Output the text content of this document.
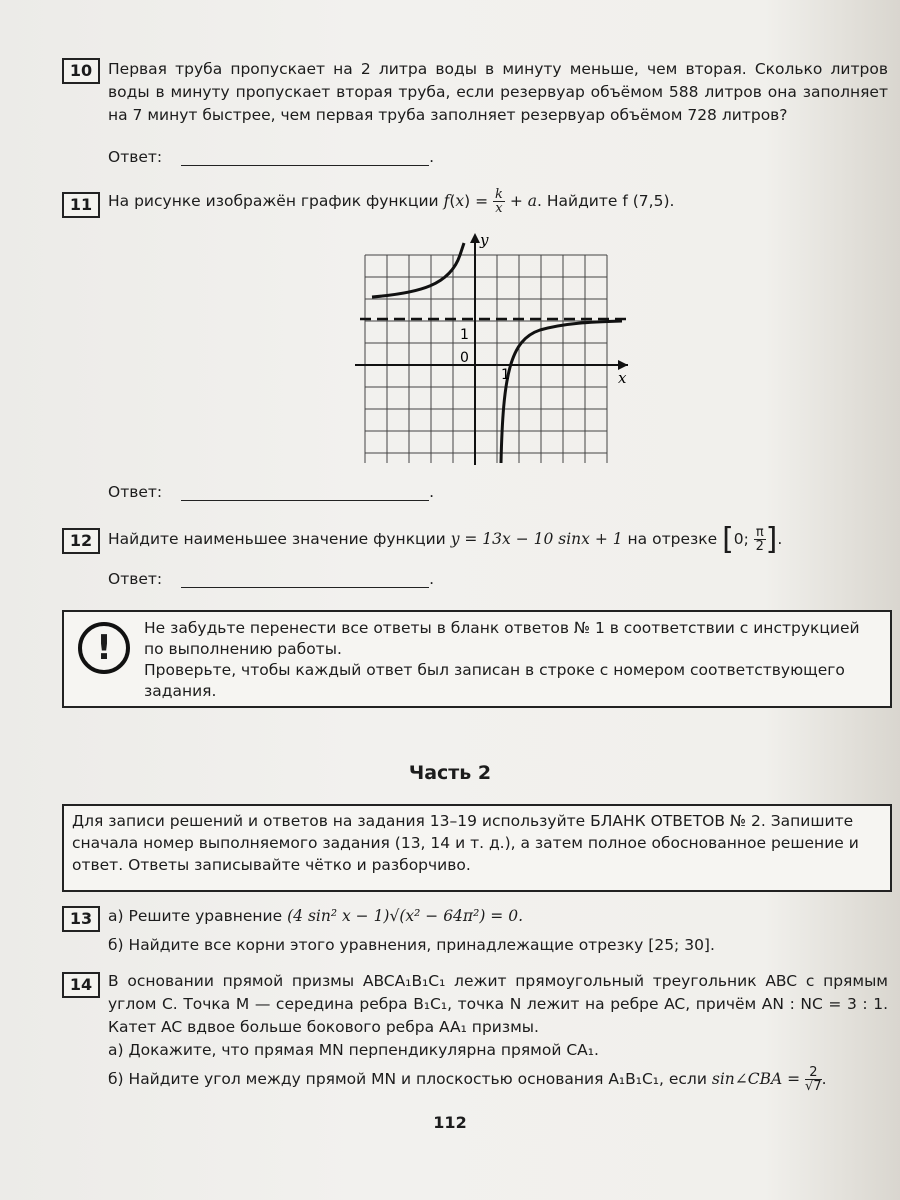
10	Первая труба пропускает на 2 литра воды в минуту меньше, чем вторая. Сколько литров воды в минуту пропускает вторая труба, если резервуар объёмом 588 литров она заполняет на 7 минут быстрее, чем первая труба заполняет резервуар объёмом 728 литров?
Ответ:	.
11	На рисунке изображён график функции $f(x) = \frac{k}{x} + a$. Найдите f (7,5).
y
x
1
0
1
Ответ:	.
12	Найдите наименьшее значение функции y = 13x − 10 sinx + 1 на отрезке [0; $\frac{\pi}{2}$ ].
Ответ:	.
!	Не забудьте перенести все ответы в бланк ответов № 1 в соответствии с инструкцией по выполнению работы.
Проверьте, чтобы каждый ответ был записан в строке с номером соответствующего задания.
Часть 2
Для записи решений и ответов на задания 13–19 используйте БЛАНК ОТВЕТОВ № 2. Запишите сначала номер выполняемого задания (13, 14 и т. д.), а затем полное обоснованное решение и ответ. Ответы записывайте чётко и разборчиво.
13	а) Решите уравнение (4 sin² x − 1)√(x² − 64π²) = 0.
б) Найдите все корни этого уравнения, принадлежащие отрезку [25; 30].
14	В основании прямой призмы ABCA₁B₁C₁ лежит прямоугольный треугольник ABC с прямым углом C. Точка M — середина ребра B₁C₁, точка N лежит на ребре AC, причём AN : NC = 3 : 1. Катет AC вдвое больше бокового ребра AA₁ призмы.
а) Докажите, что прямая MN перпендикулярна прямой CA₁.
б) Найдите угол между прямой MN и плоскостью основания A₁B₁C₁, если sin∠CBA = $\frac{2}{√7}$ .
112
